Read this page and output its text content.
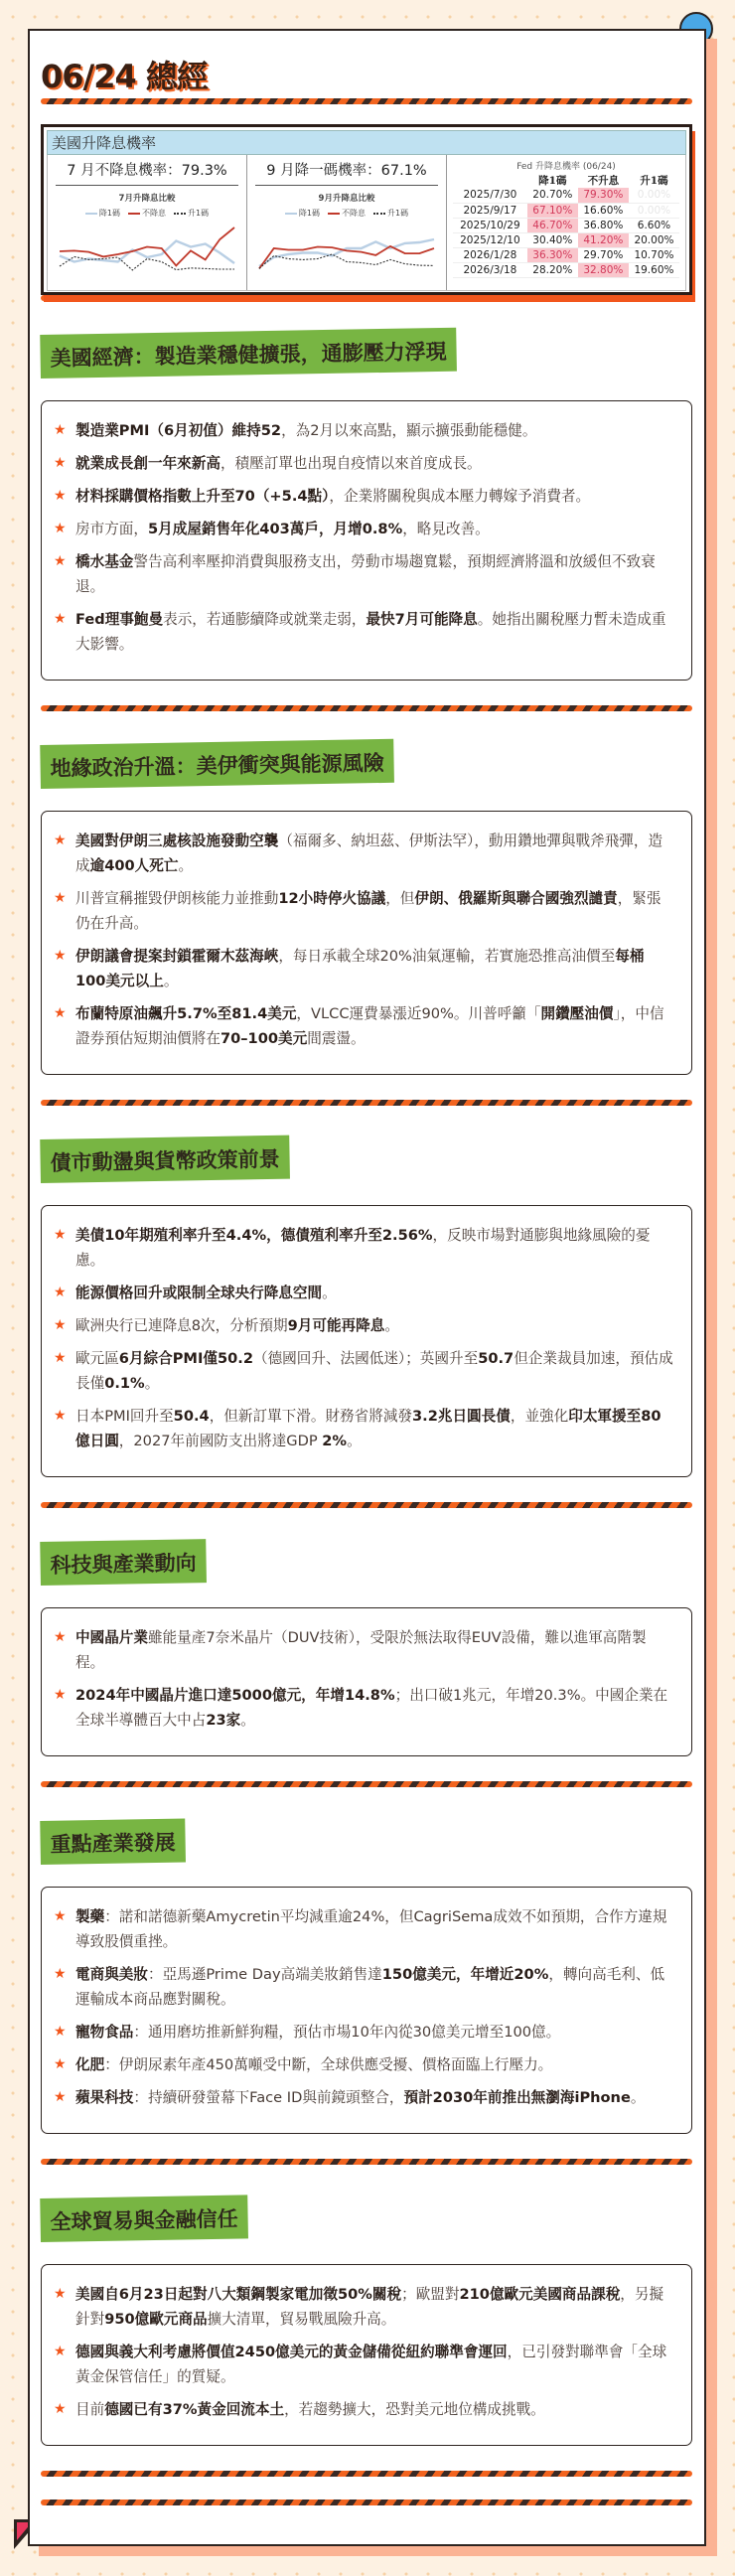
06/24 總經
美國升降息機率
7 月不降息機率：79.3%
7月升降息比較
降1碼	不降息	升1碼
9 月降一碼機率：67.1%
9月升降息比較
降1碼	不降息	升1碼
Fed 升降息機率 (06/24)
	降1碼	不升息	升1碼
2025/7/30	20.70%	79.30%	0.00%
2025/9/17	67.10%	16.60%	0.00%
2025/10/29	46.70%	36.80%	6.60%
2025/12/10	30.40%	41.20%	20.00%
2026/1/28	36.30%	29.70%	10.70%
2026/3/18	28.20%	32.80%	19.60%
美國經濟：製造業穩健擴張，通膨壓力浮現
★ 製造業PMI（6月初值）維持52，為2月以來高點，顯示擴張動能穩健。
★ 就業成長創一年來新高，積壓訂單也出現自疫情以來首度成長。
★ 材料採購價格指數上升至70（+5.4點），企業將關稅與成本壓力轉嫁予消費者。
★ 房市方面，5月成屋銷售年化403萬戶，月增0.8%，略見改善。
★ 橋水基金警告高利率壓抑消費與服務支出，勞動市場趨寬鬆，預期經濟將溫和放緩但不致衰退。
★ Fed理事鮑曼表示，若通膨續降或就業走弱，最快7月可能降息。她指出關稅壓力暫未造成重大影響。
地緣政治升溫：美伊衝突與能源風險
★ 美國對伊朗三處核設施發動空襲（福爾多、納坦茲、伊斯法罕），動用鑽地彈與戰斧飛彈，造成逾400人死亡。
★ 川普宣稱摧毀伊朗核能力並推動12小時停火協議，但伊朗、俄羅斯與聯合國強烈譴責，緊張仍在升高。
★ 伊朗議會提案封鎖霍爾木茲海峽，每日承載全球20%油氣運輸，若實施恐推高油價至每桶100美元以上。
★ 布蘭特原油飆升5.7%至81.4美元，VLCC運費暴漲近90%。川普呼籲「開鑽壓油價」，中信證券預估短期油價將在70–100美元間震盪。
債市動盪與貨幣政策前景
★ 美債10年期殖利率升至4.4%，德債殖利率升至2.56%，反映市場對通膨與地緣風險的憂慮。
★ 能源價格回升或限制全球央行降息空間。
★ 歐洲央行已連降息8次，分析預期9月可能再降息。
★ 歐元區6月綜合PMI僅50.2（德國回升、法國低迷）；英國升至50.7但企業裁員加速，預估成長僅0.1%。
★ 日本PMI回升至50.4，但新訂單下滑。財務省將減發3.2兆日圓長債，並強化印太軍援至80億日圓，2027年前國防支出將達GDP 2%。
科技與產業動向
★ 中國晶片業雖能量產7奈米晶片（DUV技術），受限於無法取得EUV設備，難以進軍高階製程。
★ 2024年中國晶片進口達5000億元，年增14.8%；出口破1兆元，年增20.3%。中國企業在全球半導體百大中占23家。
重點產業發展
★ 製藥：諾和諾德新藥Amycretin平均減重逾24%，但CagriSema成效不如預期，合作方違規導致股價重挫。
★ 電商與美妝：亞馬遜Prime Day高端美妝銷售達150億美元，年增近20%，轉向高毛利、低運輸成本商品應對關稅。
★ 寵物食品：通用磨坊推新鮮狗糧，預估市場10年內從30億美元增至100億。
★ 化肥：伊朗尿素年產450萬噸受中斷，全球供應受擾、價格面臨上行壓力。
★ 蘋果科技：持續研發螢幕下Face ID與前鏡頭整合，預計2030年前推出無瀏海iPhone。
全球貿易與金融信任
★ 美國自6月23日起對八大類鋼製家電加徵50%關稅；歐盟對210億歐元美國商品課稅，另擬針對950億歐元商品擴大清單，貿易戰風險升高。
★ 德國與義大利考慮將價值2450億美元的黃金儲備從紐約聯準會運回，已引發對聯準會「全球黃金保管信任」的質疑。
★ 目前德國已有37%黃金回流本土，若趨勢擴大，恐對美元地位構成挑戰。
